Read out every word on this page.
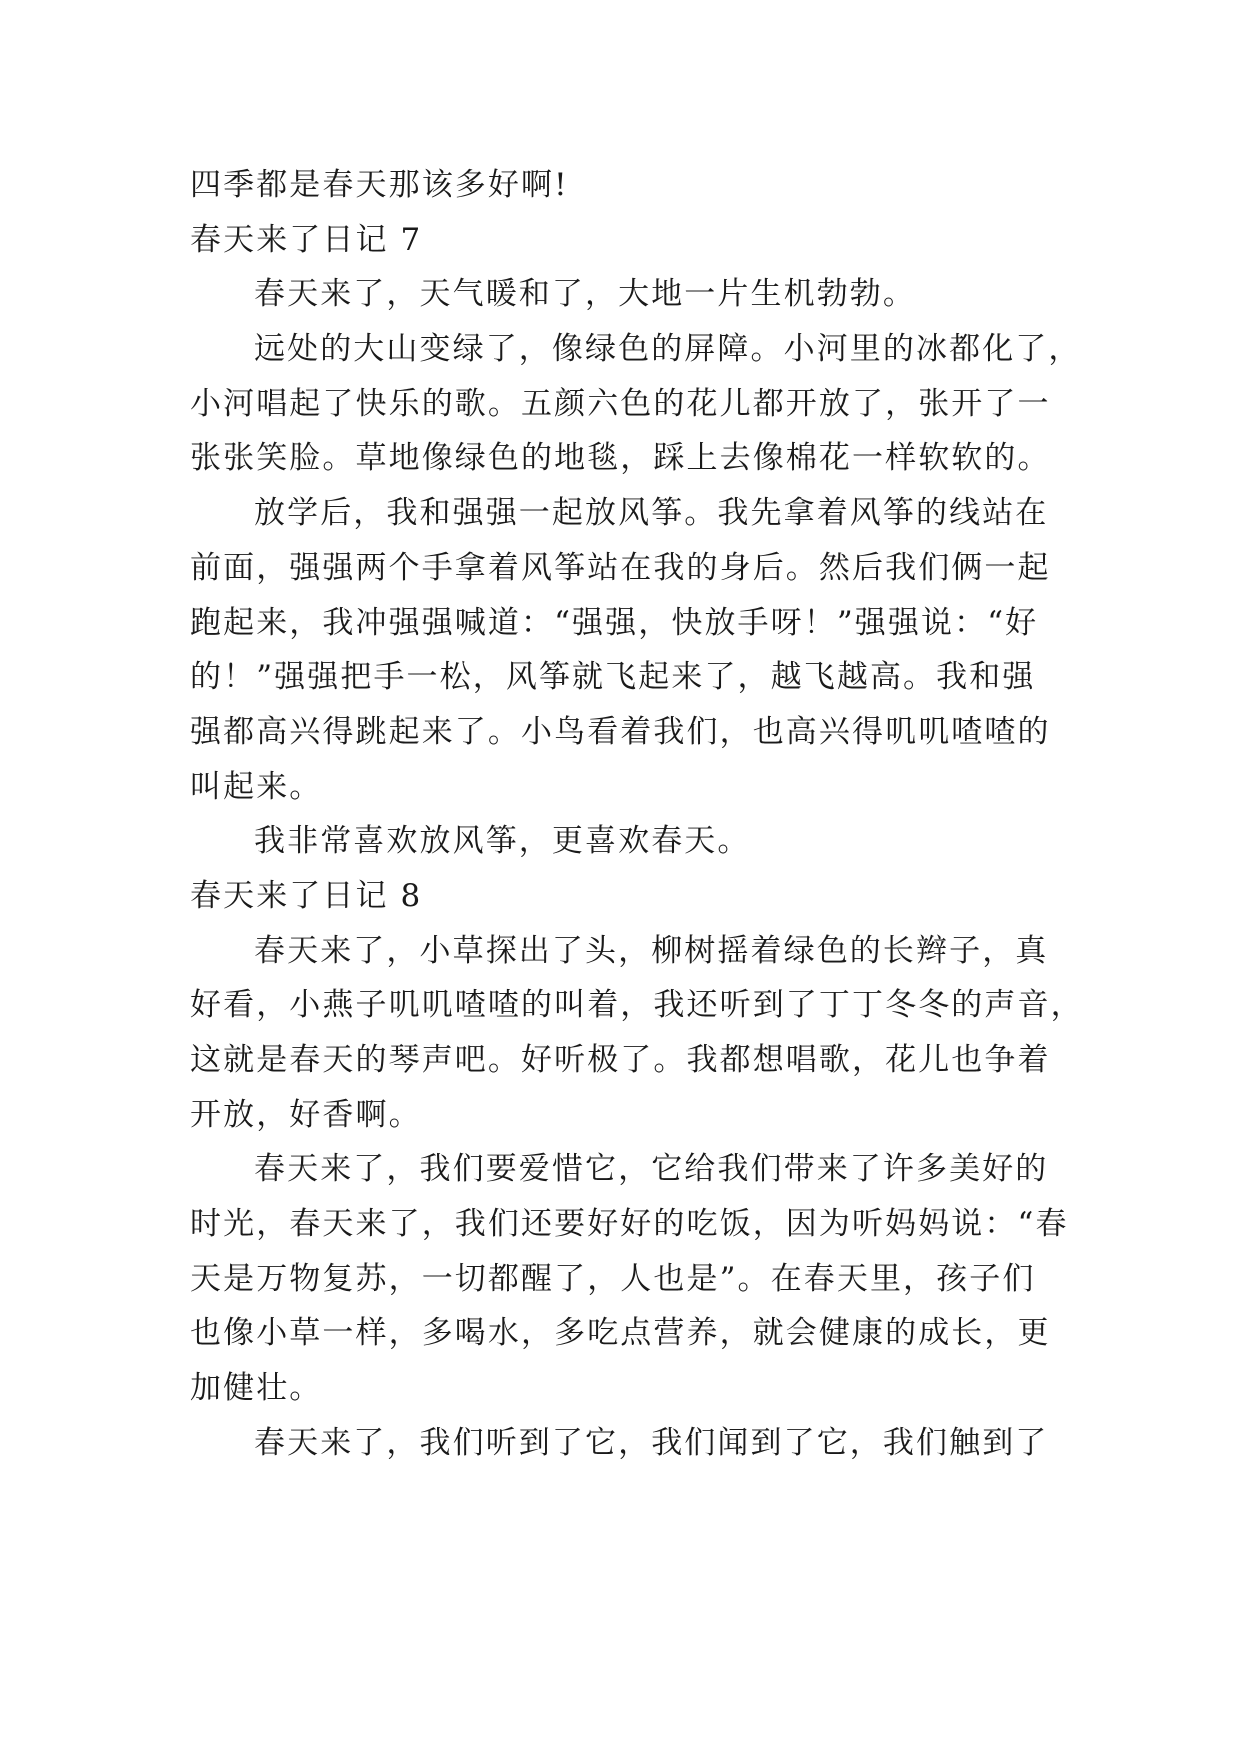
四季都是春天那该多好啊!

春天来了日记 7

春天来了，天气暖和了，大地一片生机勃勃。

远处的大山变绿了，像绿色的屏障。小河里的冰都化了，

小河唱起了快乐的歌。五颜六色的花儿都开放了，张开了一

张张笑脸。草地像绿色的地毯，踩上去像棉花一样软软的。

放学后，我和强强一起放风筝。我先拿着风筝的线站在

前面，强强两个手拿着风筝站在我的身后。然后我们俩一起

跑起来，我冲强强喊道：“强强，快放手呀！”强强说：“好

的！”强强把手一松，风筝就飞起来了，越飞越高。我和强

强都高兴得跳起来了。小鸟看着我们，也高兴得叽叽喳喳的

叫起来。

我非常喜欢放风筝，更喜欢春天。

春天来了日记 8

春天来了，小草探出了头，柳树摇着绿色的长辫子，真

好看，小燕子叽叽喳喳的叫着，我还听到了丁丁冬冬的声音，

这就是春天的琴声吧。好听极了。我都想唱歌，花儿也争着

开放，好香啊。

春天来了，我们要爱惜它，它给我们带来了许多美好的

时光，春天来了，我们还要好好的吃饭，因为听妈妈说：“春

天是万物复苏，一切都醒了，人也是”。在春天里，孩子们

也像小草一样，多喝水，多吃点营养，就会健康的成长，更

加健壮。

春天来了，我们听到了它，我们闻到了它，我们触到了
